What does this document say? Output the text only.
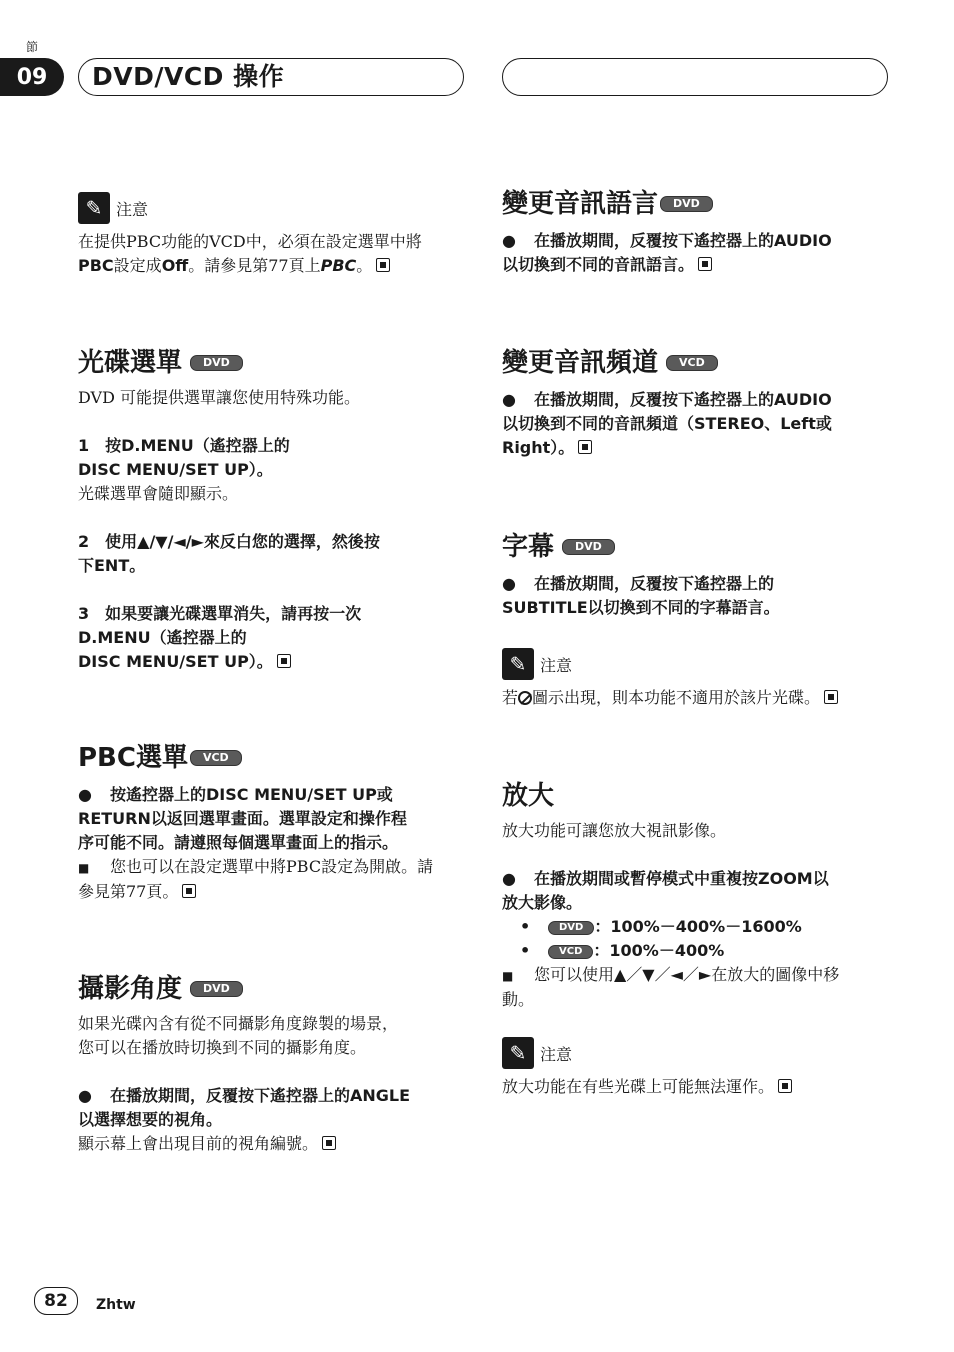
節
09	DVD/VCD 操作
✎ 注意

在提供PBC功能的VCD中，必須在設定選單中將

PBC設定成Off。請參見第77頁上PBC。

光碟選單	DVD

DVD 可能提供選單讓您使用特殊功能。

1　按D.MENU（遙控器上的

DISC MENU/SET UP）。

光碟選單會隨即顯示。

2　使用▲/▼/◄/►來反白您的選擇，然後按

下ENT。

3　如果要讓光碟選單消失，請再按一次

D.MENU（遙控器上的

DISC MENU/SET UP）。

PBC選單	VCD

● 按遙控器上的DISC MENU/SET UP或

RETURN以返回選單畫面。選單設定和操作程

序可能不同。請遵照每個選單畫面上的指示。

■ 您也可以在設定選單中將PBC設定為開啟。請

參見第77頁。

攝影角度	DVD

如果光碟內含有從不同攝影角度錄製的場景，

您可以在播放時切換到不同的攝影角度。

● 在播放期間，反覆按下遙控器上的ANGLE

以選擇想要的視角。

顯示幕上會出現目前的視角編號。

變更音訊語言	DVD

● 在播放期間，反覆按下遙控器上的AUDIO

以切換到不同的音訊語言。

變更音訊頻道	VCD

● 在播放期間，反覆按下遙控器上的AUDIO

以切換到不同的音訊頻道（STEREO、Left或

Right）。

字幕	DVD

● 在播放期間，反覆按下遙控器上的

SUBTITLE以切換到不同的字幕語言。

✎ 注意

若 圖示出現，則本功能不適用於該片光碟。

放大

放大功能可讓您放大視訊影像。

● 在播放期間或暫停模式中重複按ZOOM以

放大影像。

•	DVD ：100%－400%－1600%

•	VCD ：100%－400%

■ 您可以使用▲／▼／◄／►在放大的圖像中移

動。

✎ 注意

放大功能在有些光碟上可能無法運作。

82	Zhtw
